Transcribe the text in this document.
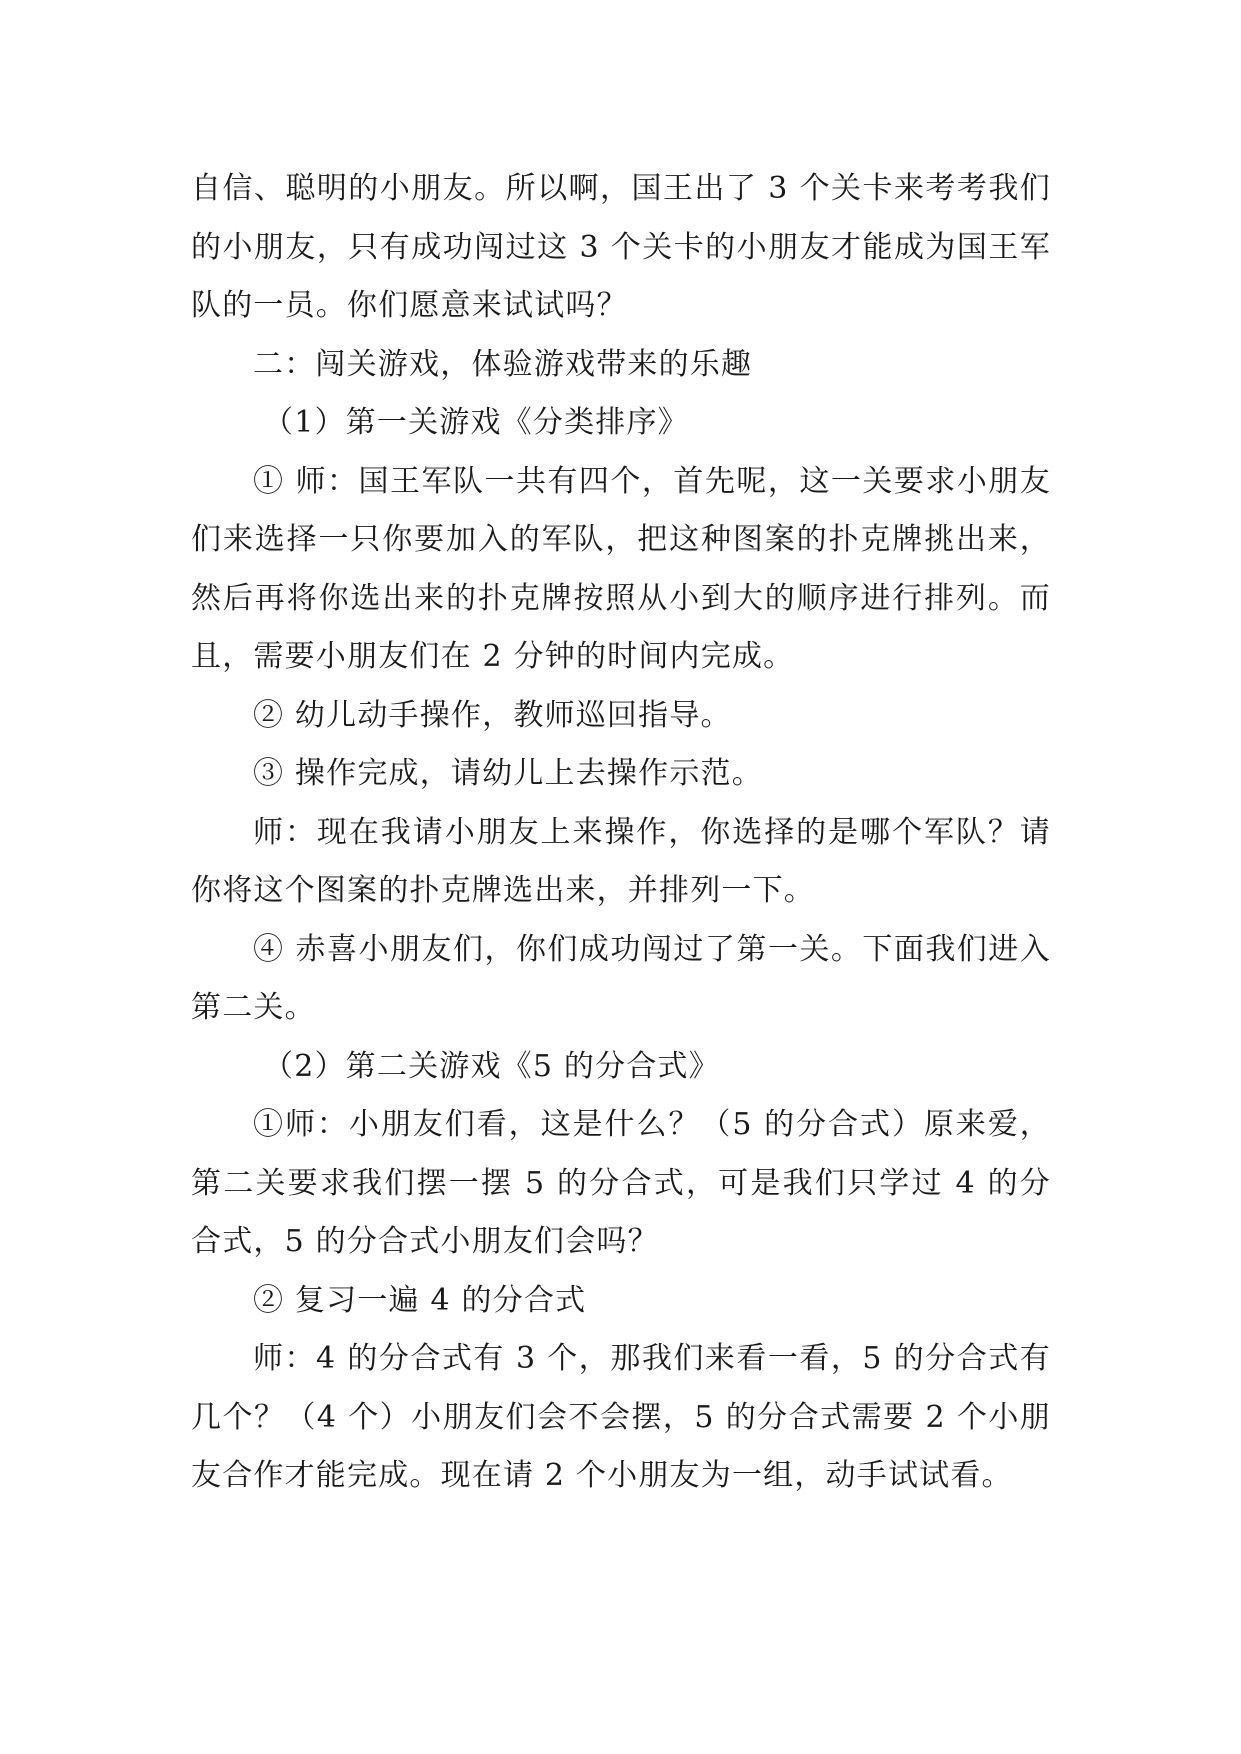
自信、聪明的小朋友。所以啊，国王出了 3 个关卡来考考我们的小朋友，只有成功闯过这 3 个关卡的小朋友才能成为国王军队的一员。你们愿意来试试吗？

二：闯关游戏，体验游戏带来的乐趣

（1）第一关游戏《分类排序》

① 师：国王军队一共有四个，首先呢，这一关要求小朋友们来选择一只你要加入的军队，把这种图案的扑克牌挑出来，然后再将你选出来的扑克牌按照从小到大的顺序进行排列。而且，需要小朋友们在 2 分钟的时间内完成。

② 幼儿动手操作，教师巡回指导。

③ 操作完成，请幼儿上去操作示范。

师：现在我请小朋友上来操作，你选择的是哪个军队？请你将这个图案的扑克牌选出来，并排列一下。

④ 赤喜小朋友们，你们成功闯过了第一关。下面我们进入第二关。

（2）第二关游戏《5 的分合式》

①师：小朋友们看，这是什么？（5 的分合式）原来爱，第二关要求我们摆一摆 5 的分合式，可是我们只学过 4 的分合式，5 的分合式小朋友们会吗？

② 复习一遍 4 的分合式

师：4 的分合式有 3 个，那我们来看一看，5 的分合式有几个？（4 个）小朋友们会不会摆，5 的分合式需要 2 个小朋友合作才能完成。现在请 2 个小朋友为一组，动手试试看。
